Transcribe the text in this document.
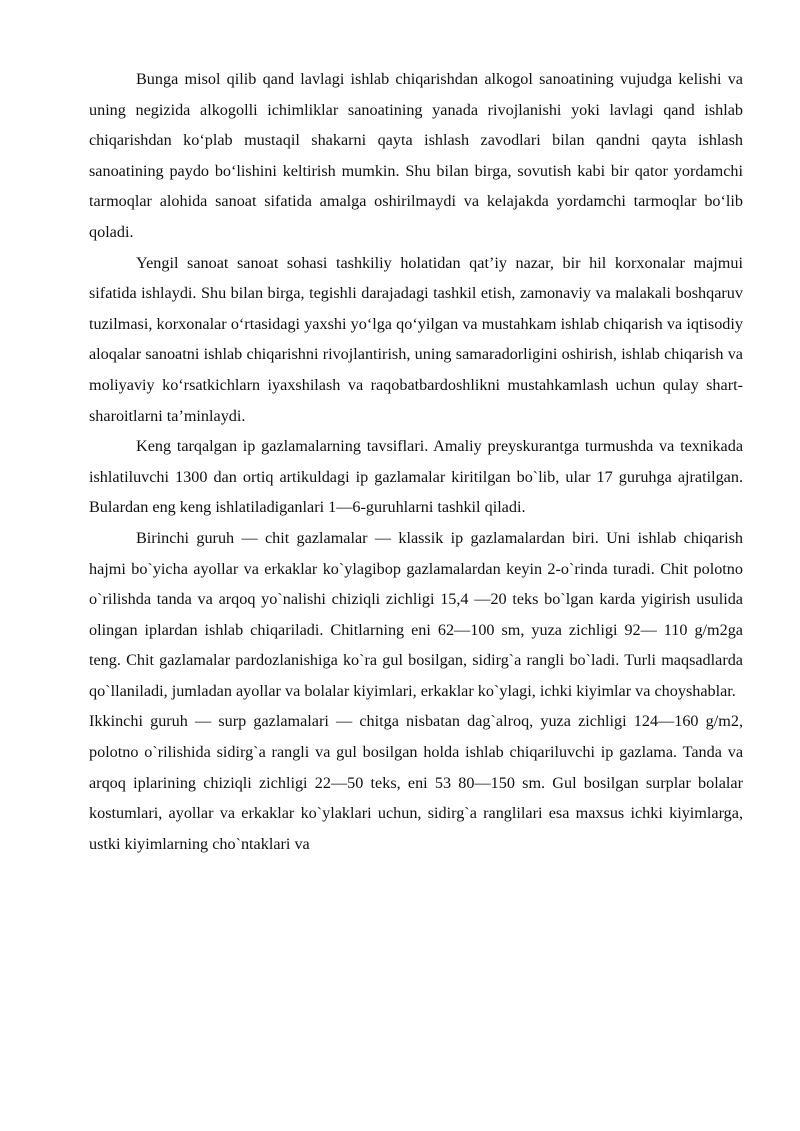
Bunga misol qilib qand lavlagi ishlab chiqarishdan alkogol sanoatining vujudga kelishi va uning negizida alkogolli ichimliklar sanoatining yanada rivojlanishi yoki lavlagi qand ishlab chiqarishdan ko‘plab mustaqil shakarni qayta ishlash zavodlari bilan qandni qayta ishlash sanoatining paydo bo‘lishini keltirish mumkin. Shu bilan birga, sovutish kabi bir qator yordamchi tarmoqlar alohida sanoat sifatida amalga oshirilmaydi va kelajakda yordamchi tarmoqlar bo‘lib qoladi.

Yengil sanoat sanoat sohasi tashkiliy holatidan qat’iy nazar, bir hil korxonalar majmui sifatida ishlaydi. Shu bilan birga, tegishli darajadagi tashkil etish, zamonaviy va malakali boshqaruv tuzilmasi, korxonalar o‘rtasidagi yaxshi yo‘lga qo‘yilgan va mustahkam ishlab chiqarish va iqtisodiy aloqalar sanoatni ishlab chiqarishni rivojlantirish, uning samaradorligini oshirish, ishlab chiqarish va moliyaviy ko‘rsatkichlarn iyaxshilash va raqobatbardoshlikni mustahkamlash uchun qulay shart-sharoitlarni ta’minlaydi.

Keng tarqalgan ip gazlamalarning tavsiflari. Amaliy preyskurantga turmushda va texnikada ishlatiluvchi 1300 dan ortiq artikuldagi ip gazlamalar kiritilgan bo`lib, ular 17 guruhga ajratilgan. Bulardan eng keng ishlatiladiganlari 1—6-guruhlarni tashkil qiladi.

Birinchi guruh — chit gazlamalar — klassik ip gazlamalardan biri. Uni ishlab chiqarish hajmi bo`yicha ayollar va erkaklar ko`ylagibop gazlamalardan keyin 2-o`rinda turadi. Chit polotno o`rilishda tanda va arqoq yo`nalishi chiziqli zichligi 15,4 —20 teks bo`lgan karda yigirish usulida olingan iplardan ishlab chiqariladi. Chitlarning eni 62—100 sm, yuza zichligi 92— 110 g/m2ga teng. Chit gazlamalar pardozlanishiga ko`ra gul bosilgan, sidirg`a rangli bo`ladi. Turli maqsadlarda qo`llaniladi, jumladan ayollar va bolalar kiyimlari, erkaklar ko`ylagi, ichki kiyimlar va choyshablar.

Ikkinchi guruh — surp gazlamalari — chitga nisbatan dag`alroq, yuza zichligi 124—160 g/m2, polotno o`rilishida sidirg`a rangli va gul bosilgan holda ishlab chiqariluvchi ip gazlama. Tanda va arqoq iplarining chiziqli zichligi 22—50 teks, eni 53 80—150 sm. Gul bosilgan surplar bolalar kostumlari, ayollar va erkaklar ko`ylaklari uchun, sidirg`a ranglilari esa maxsus ichki kiyimlarga, ustki kiyimlarning cho`ntaklari va
